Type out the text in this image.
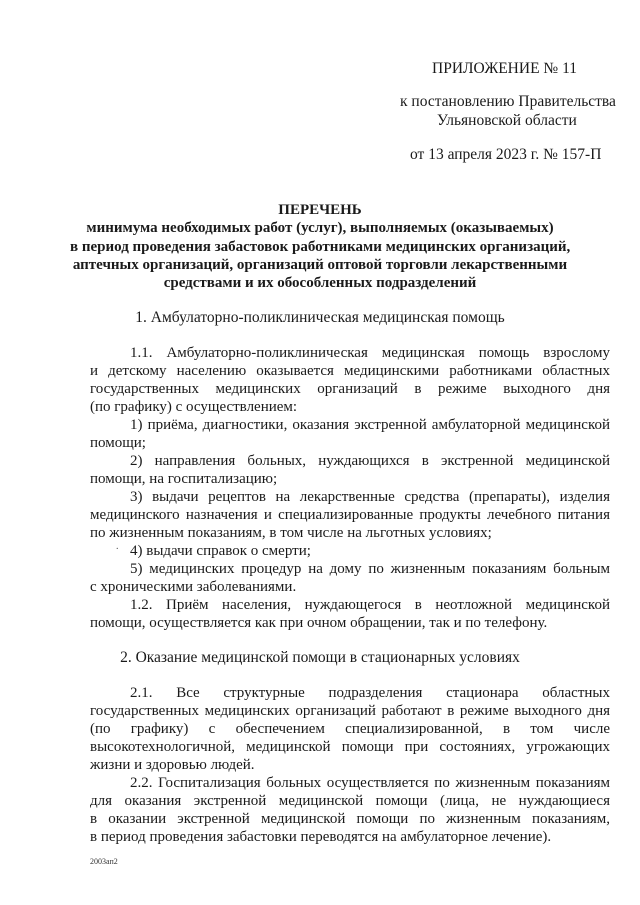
ПРИЛОЖЕНИЕ № 11
к постановлению Правительства
Ульяновской области
от 13 апреля 2023 г. № 157-П
ПЕРЕЧЕНЬ
минимума необходимых работ (услуг), выполняемых (оказываемых)
в период проведения забастовок работниками медицинских организаций,
аптечных организаций, организаций оптовой торговли лекарственными
средствами и их обособленных подразделений
1. Амбулаторно-поликлиническая медицинская помощь
1.1. Амбулаторно-поликлиническая медицинская помощь взрослому
и детскому населению оказывается медицинскими работниками областных
государственных медицинских организаций в режиме выходного дня
(по графику) с осуществлением:
1) приёма, диагностики, оказания экстренной амбулаторной медицинской
помощи;
2) направления больных, нуждающихся в экстренной медицинской
помощи, на госпитализацию;
3) выдачи рецептов на лекарственные средства (препараты), изделия
медицинского назначения и специализированные продукты лечебного питания
по жизненным показаниям, в том числе на льготных условиях;
. 4) выдачи справок о смерти;
5) медицинских процедур на дому по жизненным показаниям больным
с хроническими заболеваниями.
1.2. Приём населения, нуждающегося в неотложной медицинской
помощи, осуществляется как при очном обращении, так и по телефону.
2. Оказание медицинской помощи в стационарных условиях
2.1. Все структурные подразделения стационара областных
государственных медицинских организаций работают в режиме выходного дня
(по графику) с обеспечением специализированной, в том числе
высокотехнологичной, медицинской помощи при состояниях, угрожающих
жизни и здоровью людей.
2.2. Госпитализация больных осуществляется по жизненным показаниям
для оказания экстренной медицинской помощи (лица, не нуждающиеся
в оказании экстренной медицинской помощи по жизненным показаниям,
в период проведения забастовки переводятся на амбулаторное лечение).
2003ап2
